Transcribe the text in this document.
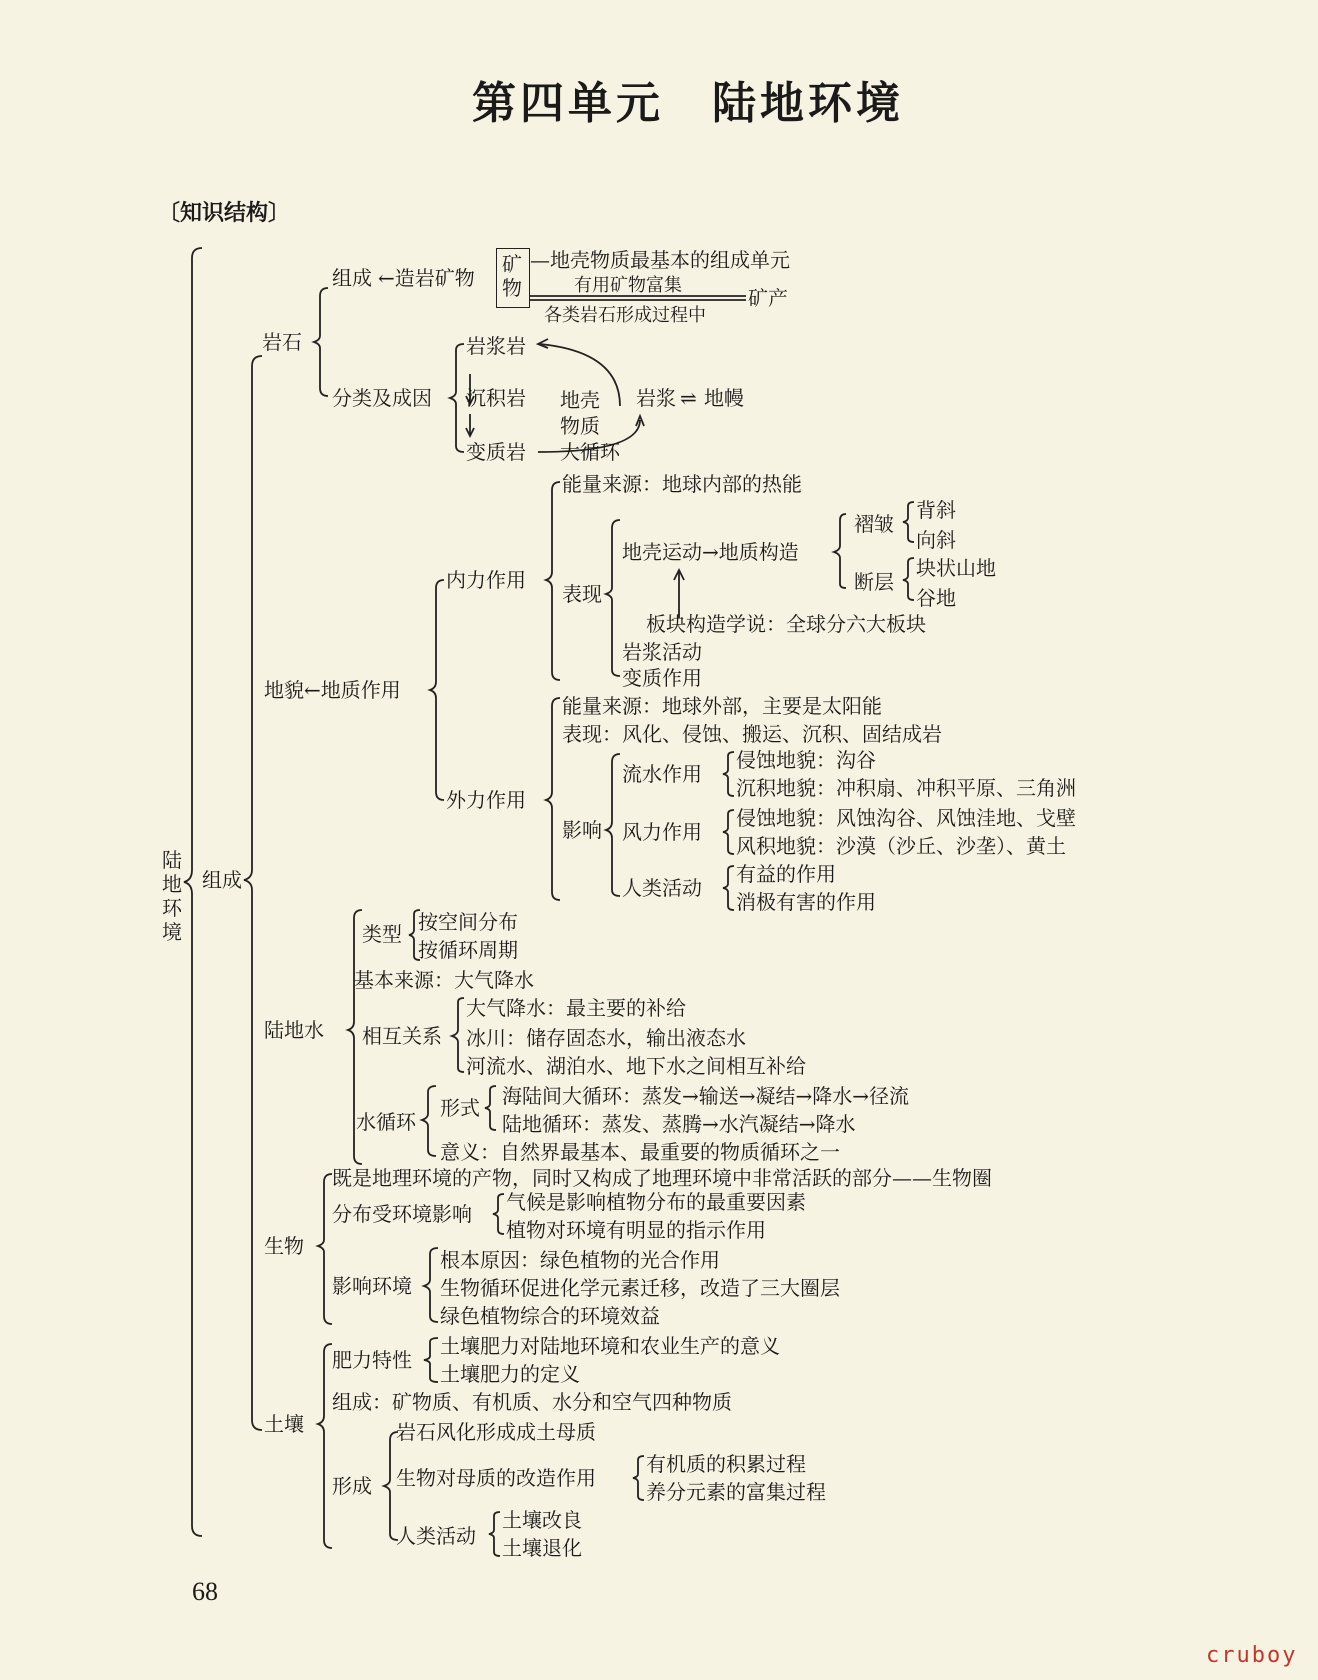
第四单元　陆地环境
〔知识结构〕
陆地环境
组成
岩石
组成 ←造岩矿物
矿物
—地壳物质最基本的组成单元
有用矿物富集
各类岩石形成过程中
矿产
分类及成因
岩浆岩
沉积岩
变质岩
地壳
物质
大循环
岩浆 ⇌ 地幔
地貌←地质作用
内力作用
能量来源：地球内部的热能
表现
地壳运动→地质构造
褶皱
背斜
向斜
断层
块状山地
谷地
板块构造学说：全球分六大板块
岩浆活动
变质作用
外力作用
能量来源：地球外部，主要是太阳能
表现：风化、侵蚀、搬运、沉积、固结成岩
影响
流水作用
侵蚀地貌：沟谷
沉积地貌：冲积扇、冲积平原、三角洲
风力作用
侵蚀地貌：风蚀沟谷、风蚀洼地、戈壁
风积地貌：沙漠（沙丘、沙垄）、黄土
人类活动
有益的作用
消极有害的作用
陆地水
类型 按空间分布
按循环周期
基本来源：大气降水
相互关系
大气降水：最主要的补给
冰川：储存固态水，输出液态水
河流水、湖泊水、地下水之间相互补给
水循环
形式 海陆间大循环：蒸发→输送→凝结→降水→径流
陆地循环：蒸发、蒸腾→水汽凝结→降水
意义：自然界最基本、最重要的物质循环之一
生物
既是地理环境的产物，同时又构成了地理环境中非常活跃的部分——生物圈
分布受环境影响 气候是影响植物分布的最重要因素
植物对环境有明显的指示作用
影响环境
根本原因：绿色植物的光合作用
生物循环促进化学元素迁移，改造了三大圈层
绿色植物综合的环境效益
土壤
肥力特性
土壤肥力对陆地环境和农业生产的意义
土壤肥力的定义
组成：矿物质、有机质、水分和空气四种物质
形成
岩石风化形成成土母质
生物对母质的改造作用
有机质的积累过程
养分元素的富集过程
人类活动
土壤改良
土壤退化
68
cruboy
